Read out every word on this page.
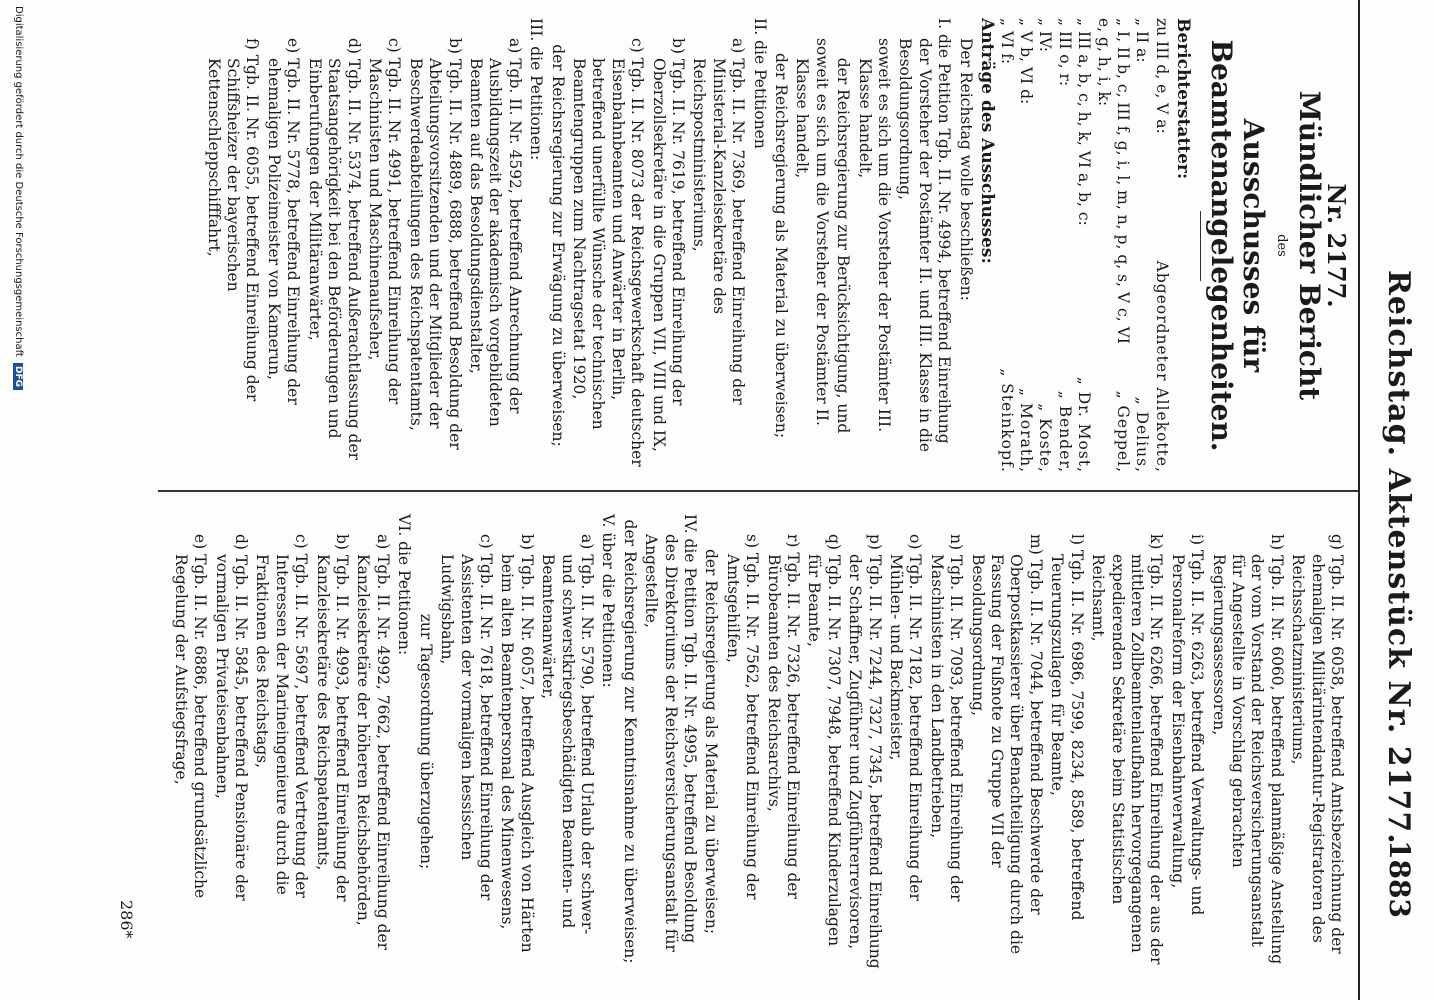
Reichstag. Aktenstück Nr. 2177.
1883

Nr. 2177.

Mündlicher Bericht

des

Ausschusses für Beamtenangelegenheiten.

Berichterstatter:

zu III d, e, V a:
Abgeordneter Allekotte,
„ II a:
„ Delius,
„ I, II b, c, III f, g, i, l, m, n, p, q, s, V c, VI e, g, h, i, k:
„ Geppel,
„ III a, b, c, h, k, VI a, b, c:
„ Dr. Most,
„ III o, r:
„ Bender,
„ IV:
„ Koste,
„ V b, VI d:
„ Morath,
„ VI f:
„ Steinkopf.

Anträge des Ausschusses:

Der Reichstag wolle beschließen:

I. die Petition Tgb. II. Nr. 4994, betreffend Einreihung der Vorsteher der Postämter II. und III. Klasse in die Besoldungsordnung,

soweit es sich um die Vorsteher der Postämter III. Klasse handelt,

der Reichsregierung zur Berücksichtigung, und

soweit es sich um die Vorsteher der Postämter II. Klasse handelt,

der Reichsregierung als Material zu überweisen;

II. die Petitionen

a) Tgb. II. Nr. 7369, betreffend Einreihung der Ministerial-Kanzleisekretäre des Reichspostministeriums,

b) Tgb. II. Nr. 7619, betreffend Einreihung der Oberzollsekretäre in die Gruppen VII, VIII und IX,

c) Tgb. II. Nr. 8073 der Reichsgewerkschaft deutscher Eisenbahnbeamten und Anwärter in Berlin, betreffend unerfüllte Wünsche der technischen Beamtengruppen zum Nachtragsetat 1920,

der Reichsregierung zur Erwägung zu überweisen;

III. die Petitionen:

a) Tgb. II. Nr. 4592, betreffend Anrechnung der Ausbildungszeit der akademisch vorgebildeten Beamten auf das Besoldungsdienstalter,

b) Tgb. II. Nr. 4889, 6888, betreffend Besoldung der Abteilungsvorsitzenden und der Mitglieder der Beschwerdeabteilungen des Reichspatentamts,

c) Tgb. II. Nr. 4991, betreffend Einreihung der Maschinisten und Maschinenaufseher,

d) Tgb. II. Nr. 5374, betreffend Außerachtlassung der Staatsangehörigkeit bei den Beförderungen und Einberufungen der Militäranwärter,

e) Tgb. II. Nr. 5778, betreffend Einreihung der ehemaligen Polizeimeister von Kamerun,

f) Tgb. II. Nr. 6055, betreffend Einreihung der Schiffsheizer der bayerischen Kettenschleppschifffahrt,

g) Tgb. II. Nr. 6058, betreffend Amtsbezeichnung der ehemaligen Militärintendantur-Registratoren des Reichsschatzministeriums,

h) Tgb. II. Nr. 6060, betreffend planmäßige Anstellung der vom Vorstand der Reichsversicherungsanstalt für Angestellte in Vorschlag gebrachten Regierungsassessoren,

i) Tgb. II. Nr. 6263, betreffend Verwaltungs- und Personalreform der Eisenbahnverwaltung,

k) Tgb. II. Nr. 6266, betreffend Einreihung der aus der mittleren Zollbeamtenlaufbahn hervorgegangenen expedierenden Sekretäre beim Statistischen Reichsamt,

l) Tgb. II. Nr. 6986, 7599, 8234, 8589, betreffend Teuerungszulagen für Beamte,

m) Tgb. II. Nr. 7044, betreffend Beschwerde der Oberpostkassierer über Benachteiligung durch die Fassung der Fußnote zu Gruppe VII der Besoldungsordnung,

n) Tgb. II. Nr. 7093, betreffend Einreihung der Maschinisten in den Landbetrieben,

o) Tgb. II. Nr. 7182, betreffend Einreihung der Mühlen- und Backmeister,

p) Tgb. II. Nr. 7244, 7327, 7345, betreffend Einreihung der Schaffner, Zugführer und Zugführerrevisoren,

q) Tgb. II. Nr. 7307, 7948, betreffend Kinderzulagen für Beamte,

r) Tgb. II. Nr. 7326, betreffend Einreihung der Bürobeamten des Reichsarchivs,

s) Tgb. II. Nr. 7562, betreffend Einreihung der Amtsgehilfen,

der Reichsregierung als Material zu überweisen;

IV. die Petition Tgb. II. Nr. 4995, betreffend Besoldung des Direktoriums der Reichsversicherungsanstalt für Angestellte,

der Reichsregierung zur Kenntnisnahme zu überweisen;

V. über die Petitionen:

a) Tgb. II. Nr. 5790, betreffend Urlaub der schwer- und schwerstkriegsbeschädigten Beamten- und Beamtenanwärter,

b) Tgb. II. Nr. 6057, betreffend Ausgleich von Härten beim alten Beamtenpersonal des Minenwesens,

c) Tgb. II. Nr. 7618, betreffend Einreihung der Assistenten der vormaligen hessischen Ludwigsbahn,

zur Tagesordnung überzugehen;

VI. die Petitionen:

a) Tgb. II. Nr. 4992, 7662, betreffend Einreihung der Kanzleisekretäre der höheren Reichsbehörden,

b) Tgb. II. Nr. 4993, betreffend Einreihung der Kanzleisekretäre des Reichspatentamts,

c) Tgb. II. Nr. 5697, betreffend Vertretung der Interessen der Marineingenieure durch die Fraktionen des Reichstags,

d) Tgb. II. Nr. 5845, betreffend Pensionäre der vormaligen Privateisenbahnen,

e) Tgb. II. Nr. 6886, betreffend grundsätzliche Regelung der Aufstiegsfrage,

286*
Digitalisierung gefördert durch die Deutsche Forschungsgemeinschaft DFG
